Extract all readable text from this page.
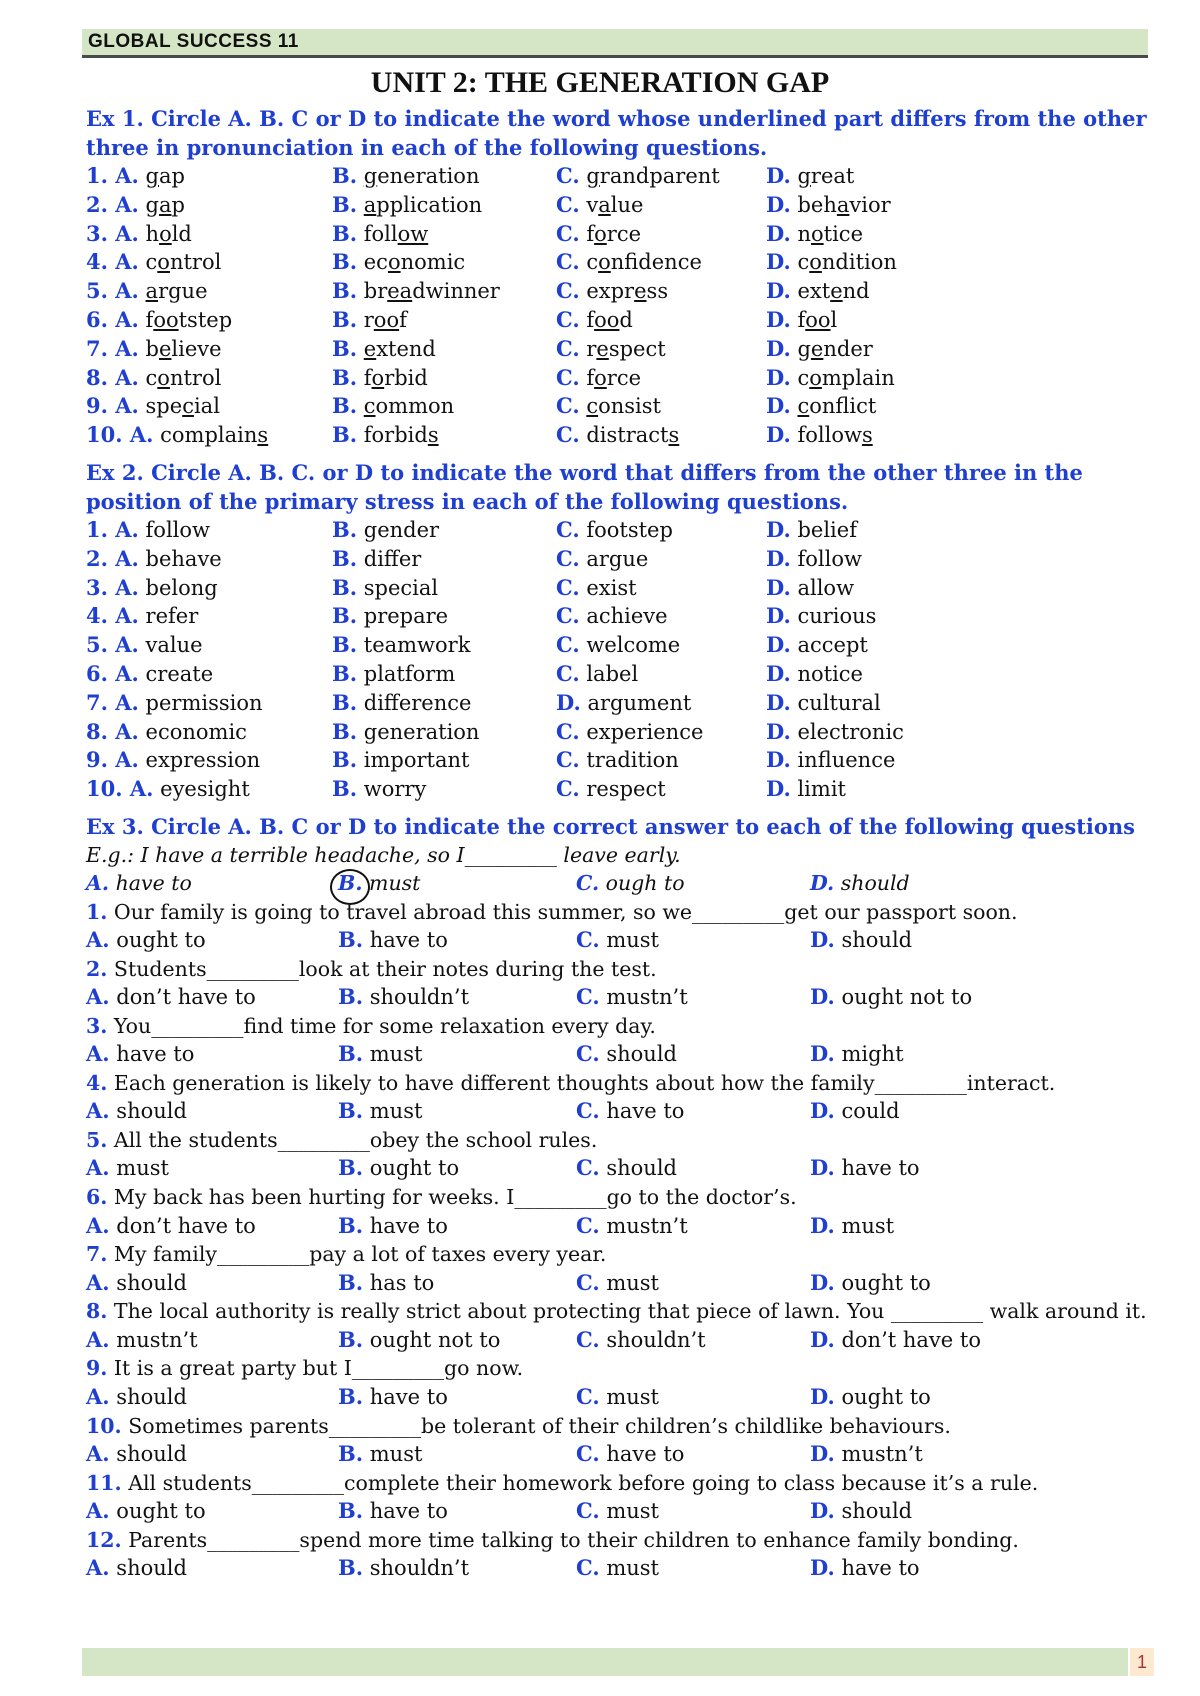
GLOBAL SUCCESS 11
UNIT 2: THE GENERATION GAP
Ex 1. Circle A. B. C or D to indicate the word whose underlined part differs from the other three in pronunciation in each of the following questions.
1. A. gap	B. generation	C. grandparent D. great
2. A. gap	B. application	C. value	D. behavior
3. A. hold	B. follow	C. force	D. notice
4. A. control	B. economic	C. confidence	D. condition
5. A. argue	B. breadwinner	C. express	D. extend
6. A. footstep	B. roof	C. food	D. fool
7. A. believe	B. extend	C. respect	D. gender
8. A. control	B. forbid	C. force	D. complain
9. A. special	B. common	C. consist	D. conflict
10. A. complains	B. forbids	C. distracts	D. follows
Ex 2. Circle A. B. C. or D to indicate the word that differs from the other three in the position of the primary stress in each of the following questions.
1. A. follow	B. gender	C. footstep	D. belief
2. A. behave	B. differ	C. argue	D. follow
3. A. belong	B. special	C. exist	D. allow
4. A. refer	B. prepare	C. achieve	D. curious
5. A. value	B. teamwork	C. welcome	D. accept
6. A. create	B. platform	C. label	D. notice
7. A. permission	B. difference	D. argument	D. cultural
8. A. economic	B. generation	C. experience	D. electronic
9. A. expression	B. important	C. tradition	D. influence
10. A. eyesight	B. worry	C. respect	D. limit
Ex 3. Circle A. B. C or D to indicate the correct answer to each of the following questions
E.g.: I have a terrible headache, so I_________ leave early.
A. have to	B. must	C. ough to	D. should
1. Our family is going to travel abroad this summer, so we_________get our passport soon.
A. ought to	B. have to	C. must	D. should
2. Students_________look at their notes during the test.
A. don’t have to	B. shouldn’t	C. mustn’t	D. ought not to
3. You_________find time for some relaxation every day.
A. have to	B. must	C. should	D. might
4. Each generation is likely to have different thoughts about how the family_________interact.
A. should	B. must	C. have to	D. could
5. All the students_________obey the school rules.
A. must	B. ought to	C. should	D. have to
6. My back has been hurting for weeks. I_________go to the doctor’s.
A. don’t have to	B. have to	C. mustn’t	D. must
7. My family_________pay a lot of taxes every year.
A. should	B. has to	C. must	D. ought to
8. The local authority is really strict about protecting that piece of lawn. You _________ walk around it.
A. mustn’t	B. ought not to	C. shouldn’t	D. don’t have to
9. It is a great party but I_________go now.
A. should	B. have to	C. must	D. ought to
10. Sometimes parents_________be tolerant of their children’s childlike behaviours.
A. should	B. must	C. have to	D. mustn’t
11. All students_________complete their homework before going to class because it’s a rule.
A. ought to	B. have to	C. must	D. should
12. Parents_________spend more time talking to their children to enhance family bonding.
A. should	B. shouldn’t	C. must	D. have to
1
